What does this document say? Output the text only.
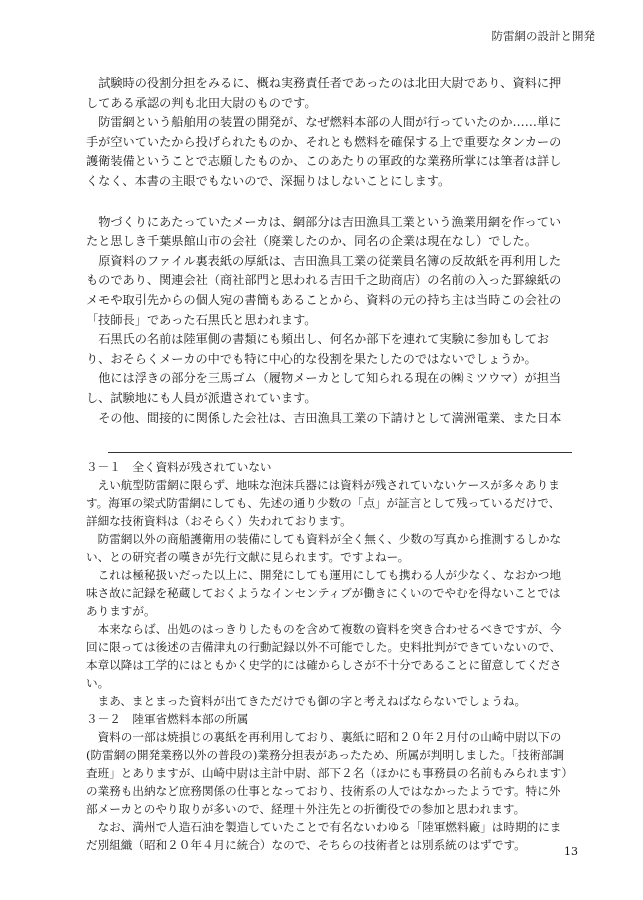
防雷網の設計と開発

試験時の役割分担をみるに、概ね実務責任者であったのは北田大尉であり、資料に押してある承認の判も北田大尉のものです。

防雷網という船舶用の装置の開発が、なぜ燃料本部の人間が行っていたのか……単に手が空いていたから投げられたものか、それとも燃料を確保する上で重要なタンカーの護衛装備ということで志願したものか、このあたりの軍政的な業務所掌には筆者は詳しくなく、本書の主眼でもないので、深掘りはしないことにします。

物づくりにあたっていたメーカは、網部分は吉田漁具工業という漁業用網を作っていたと思しき千葉県館山市の会社（廃業したのか、同名の企業は現在なし）でした。

原資料のファイル裏表紙の厚紙は、吉田漁具工業の従業員名簿の反故紙を再利用したものであり、関連会社（商社部門と思われる吉田千之助商店）の名前の入った罫線紙のメモや取引先からの個人宛の書簡もあることから、資料の元の持ち主は当時この会社の「技師長」であった石黒氏と思われます。

石黒氏の名前は陸軍側の書類にも頻出し、何名か部下を連れて実験に参加もしており、おそらくメーカの中でも特に中心的な役割を果たしたのではないでしょうか。

他には浮きの部分を三馬ゴム（履物メーカとして知られる現在の㈱ミツウマ）が担当し、試験地にも人員が派遣されています。

その他、間接的に関係した会社は、吉田漁具工業の下請けとして満洲電業、また日本

３－１　全く資料が残されていない

えい航型防雷網に限らず、地味な泡沫兵器には資料が残されていないケースが多々あります。海軍の梁式防雷網にしても、先述の通り少数の「点」が証言として残っているだけで、詳細な技術資料は（おそらく）失われております。

防雷網以外の商船護衛用の装備にしても資料が全く無く、少数の写真から推測するしかない、との研究者の嘆きが先行文献に見られます。ですよねー。

これは極秘扱いだった以上に、開発にしても運用にしても携わる人が少なく、なおかつ地味さ故に記録を秘蔵しておくようなインセンティブが働きにくいのでやむを得ないことではありますが。

本来ならば、出処のはっきりしたものを含めて複数の資料を突き合わせるべきですが、今回に限っては後述の吉備津丸の行動記録以外不可能でした。史料批判ができていないので、本章以降は工学的にはともかく史学的には確からしさが不十分であることに留意してください。

まあ、まとまった資料が出てきただけでも御の字と考えねばならないでしょうね。

３－２　陸軍省燃料本部の所属

資料の一部は焼損じの裏紙を再利用しており、裏紙に昭和２０年２月付の山崎中尉以下の(防雷網の開発業務以外の普段の)業務分担表があったため、所属が判明しました。「技術部調査班」とありますが、山崎中尉は主計中尉、部下２名（ほかにも事務員の名前もみられます）の業務も出納など庶務関係の仕事となっており、技術系の人ではなかったようです。特に外部メーカとのやり取りが多いので、経理＋外注先との折衝役での参加と思われます。

なお、満州で人造石油を製造していたことで有名ないわゆる「陸軍燃料廠」は時期的にまだ別組織（昭和２０年４月に統合）なので、そちらの技術者とは別系統のはずです。	13
